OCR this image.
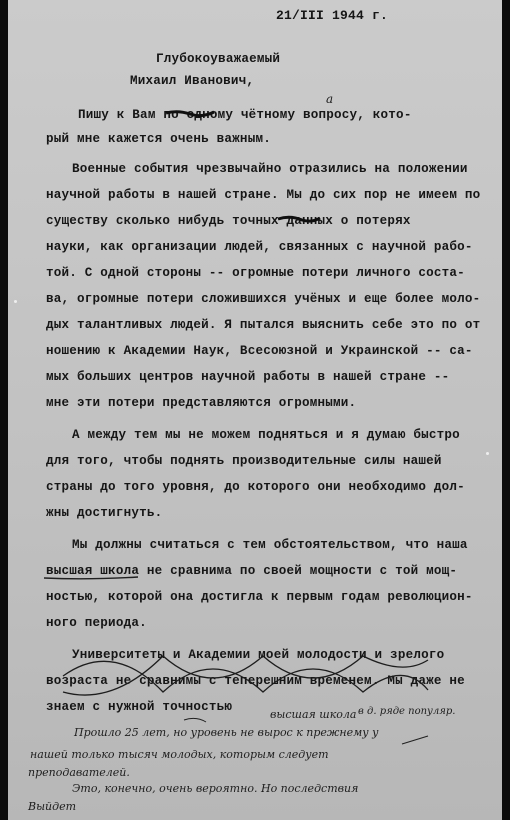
21/III 1944 г.
Глубокоуважаемый
Михаил Иванович,
Пишу к Вам по одному чётному вопросу, кото-
рый мне кажется очень важным.
Военные события чрезвычайно отразились на положении
научной работы в нашей стране. Мы до сих пор не имеем по
существу сколько нибудь точных данных о потерях
науки, как организации людей, связанных с научной рабо-
той. С одной стороны -- огромные потери личного соста-
ва, огромные потери сложившихся учёных и еще более моло-
дых талантливых людей. Я пытался выяснить себе это по от
ношению к Академии Наук, Всесоюзной и Украинской -- са-
мых больших центров научной работы в нашей стране --
мне эти потери представляются огромными.
А между тем мы не можем подняться и я думаю быстро
для того, чтобы поднять производительные силы нашей
страны до того уровня, до которого они необходимо дол-
жны достигнуть.
Мы должны считаться с тем обстоятельством, что наша
высшая школа не сравнима по своей мощности с той мощ-
ностью, которой она достигла к первым годам революцион-
ного периода.
Университеты и Академии моей молодости и зрелого
возраста не сравнимы с теперешним временем. Мы даже не
знаем с нужной точностью
а
высшая школа в д. ряде популяр.
Прошло 25 лет, но уровень не вырос к прежнему у
нашей только тысяч молодых, которым следует
преподавателей.
Это, конечно, очень вероятно. Но последствия
Выйдет
